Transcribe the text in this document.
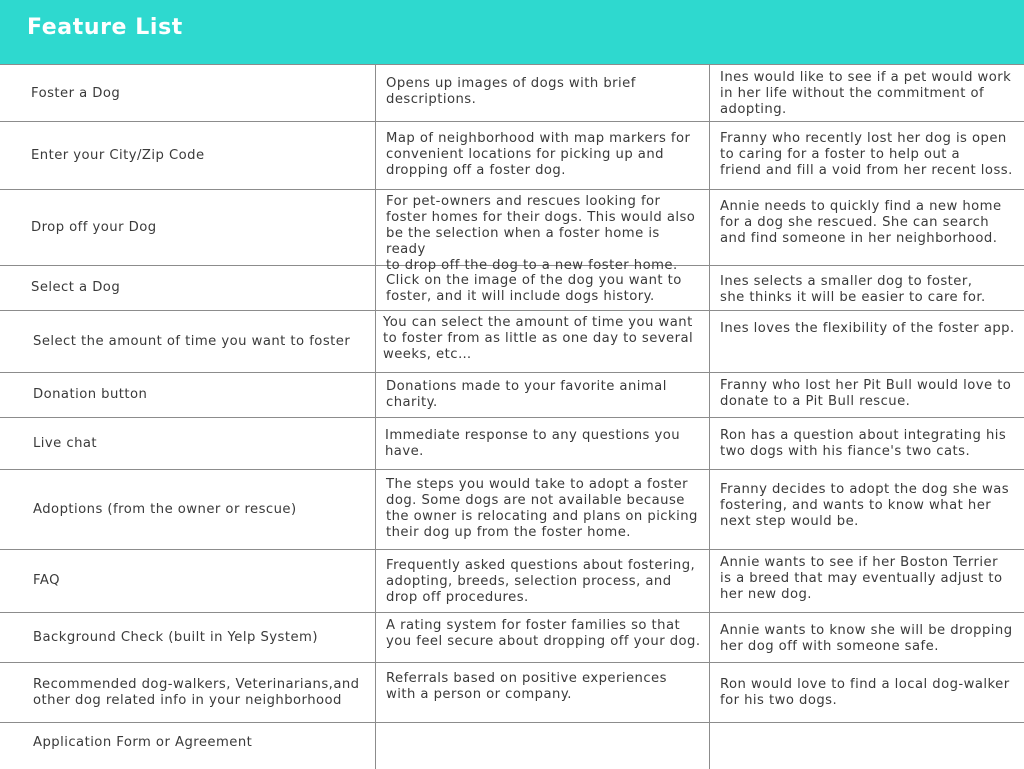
Feature List
Foster a Dog
Opens up images of dogs with brief
descriptions.
Ines would like to see if a pet would work
in her life without the commitment of
adopting.
Enter your City/Zip Code
Map of neighborhood with map markers for
convenient locations for picking up and
dropping off a foster dog.
Franny who recently lost her dog is open
to caring for a foster to help out a
friend and fill a void from her recent loss.
Drop off your Dog
For pet-owners and rescues looking for
foster homes for their dogs. This would also
be the selection when a foster home is ready
to drop off the dog to a new foster home.
Annie needs to quickly find a new home
for a dog she rescued. She can search
and find someone in her neighborhood.
Select a Dog	Click on the image of the dog you want to
foster, and it will include dogs history.
Ines selects a smaller dog to foster,
she thinks it will be easier to care for.
Select the amount of time you want to foster
You can select the amount of time you want
to foster from as little as one day to several
weeks, etc…
Ines loves the flexibility of the foster app.
Donation button
Donations made to your favorite animal
charity.
Franny who lost her Pit Bull would love to
donate to a Pit Bull rescue.
Live chat	Immediate response to any questions you
have.
Ron has a question about integrating his
two dogs with his fiance's two cats.
Adoptions (from the owner or rescue)
The steps you would take to adopt a foster
dog. Some dogs are not available because
the owner is relocating and plans on picking
their dog up from the foster home.
Franny decides to adopt the dog she was
fostering, and wants to know what her
next step would be.
FAQ
Frequently asked questions about fostering,
adopting, breeds, selection process, and
drop off procedures.
Annie wants to see if her Boston Terrier
is a breed that may eventually adjust to
her new dog.
Background Check (built in Yelp System)
A rating system for foster families so that
you feel secure about dropping off your dog.
Annie wants to know she will be dropping
her dog off with someone safe.
Recommended dog-walkers, Veterinarians,and
other dog related info in your neighborhood
Referrals based on positive experiences
with a person or company.
Ron would love to find a local dog-walker
for his two dogs.
Application Form or Agreement
